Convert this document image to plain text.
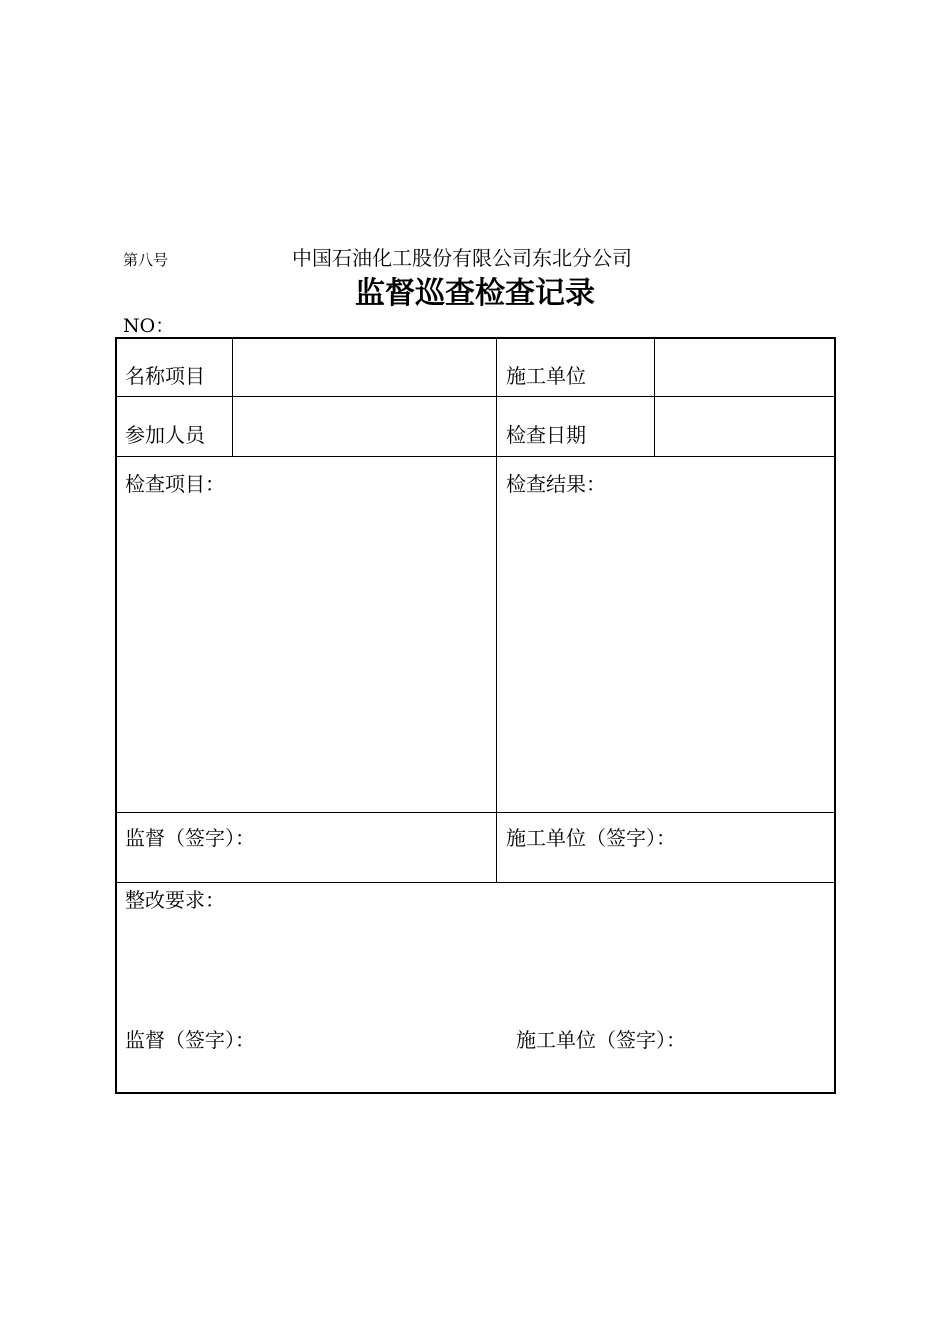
第八号	中国石油化工股份有限公司东北分公司
监督巡查检查记录
NO：
名称项目	施工单位
参加人员	检查日期
检查项目：	检查结果：
监督（签字）：	施工单位（签字）：
整改要求：
监督（签字）：	施工单位（签字）：
